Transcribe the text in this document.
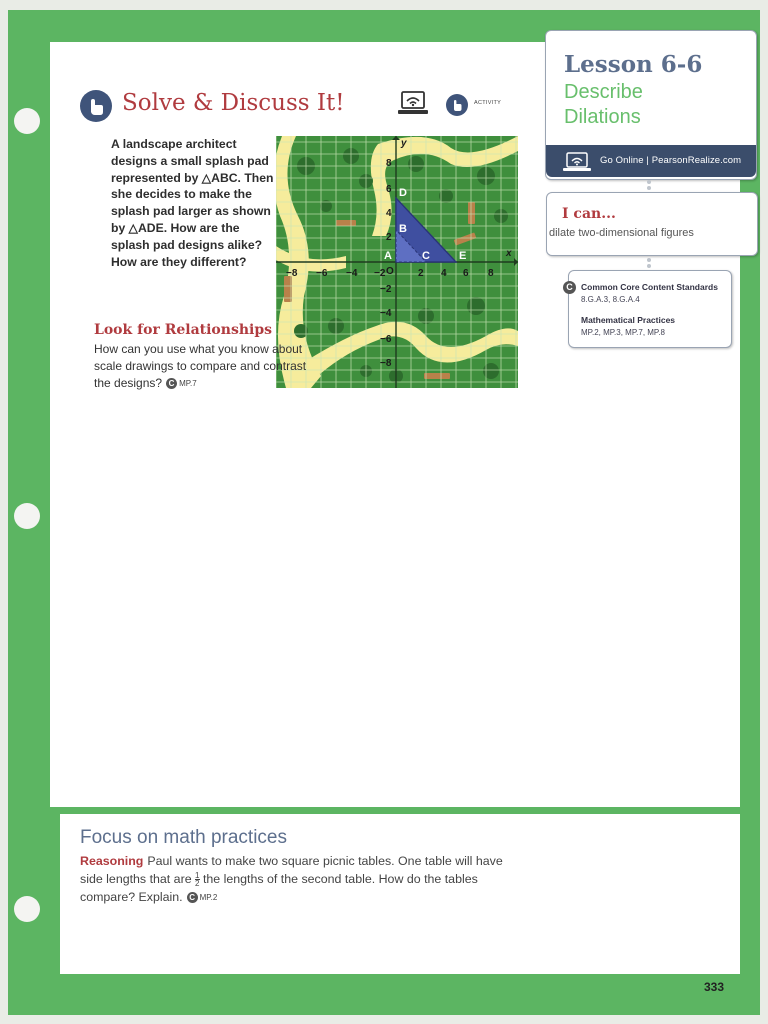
Lesson 6-6
Describe
Dilations
Go Online | PearsonRealize.com
I can...
dilate two-dimensional figures
C Common Core Content Standards
8.G.A.3, 8.G.A.4
Mathematical Practices
MP.2, MP.3, MP.7, MP.8
Solve & Discuss It!	ACTIVITY
A landscape architect designs a small splash pad represented by △ABC. Then she decides to make the splash pad larger as shown by △ADE. How are the splash pad designs alike? How are they different?
D
B
A	C	E
−8 −6 −4 −2 O 2 4 6 8
8
6
4
2
−2
−4
−6
−8
x
y
Look for Relationships
How can you use what you know about scale drawings to compare and contrast the designs? C MP.7
Focus on math practices
Reasoning Paul wants to make two square picnic tables. One table will have side lengths that are $\frac{1}{2}$ the lengths of the second table. How do the tables compare? Explain. C MP.2
333
